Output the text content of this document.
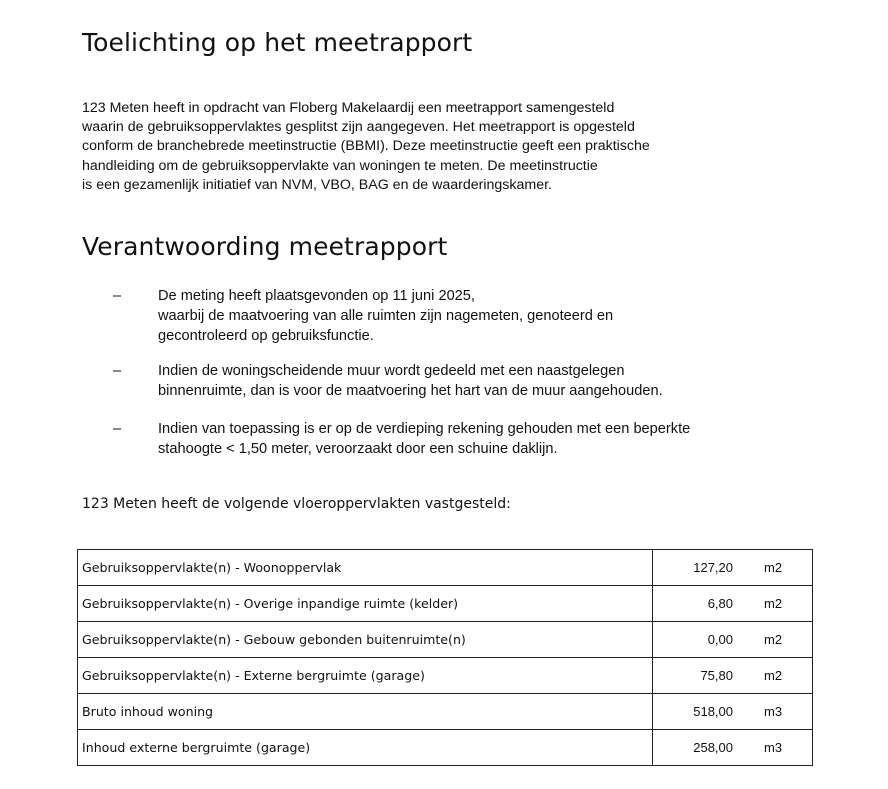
Toelichting op het meetrapport
123 Meten heeft in opdracht van Floberg Makelaardij een meetrapport samengesteld
waarin de gebruiksoppervlaktes gesplitst zijn aangegeven. Het meetrapport is opgesteld
conform de branchebrede meetinstructie (BBMI). Deze meetinstructie geeft een praktische
handleiding om de gebruiksoppervlakte van woningen te meten. De meetinstructie
is een gezamenlijk initiatief van NVM, VBO, BAG en de waarderingskamer.
Verantwoording meetrapport
–	De meting heeft plaatsgevonden op 11 juni 2025,
waarbij de maatvoering van alle ruimten zijn nagemeten, genoteerd en
gecontroleerd op gebruiksfunctie.
–	Indien de woningscheidende muur wordt gedeeld met een naastgelegen
binnenruimte, dan is voor de maatvoering het hart van de muur aangehouden.
–	Indien van toepassing is er op de verdieping rekening gehouden met een beperkte
stahoogte < 1,50 meter, veroorzaakt door een schuine daklijn.
123 Meten heeft de volgende vloeroppervlakten vastgesteld:
Gebruiksoppervlakte(n) - Woonoppervlak	127,20	m2
Gebruiksoppervlakte(n) - Overige inpandige ruimte (kelder)	6,80	m2
Gebruiksoppervlakte(n) - Gebouw gebonden buitenruimte(n)	0,00	m2
Gebruiksoppervlakte(n) - Externe bergruimte (garage)	75,80	m2
Bruto inhoud woning	518,00	m3
Inhoud externe bergruimte (garage)	258,00	m3
